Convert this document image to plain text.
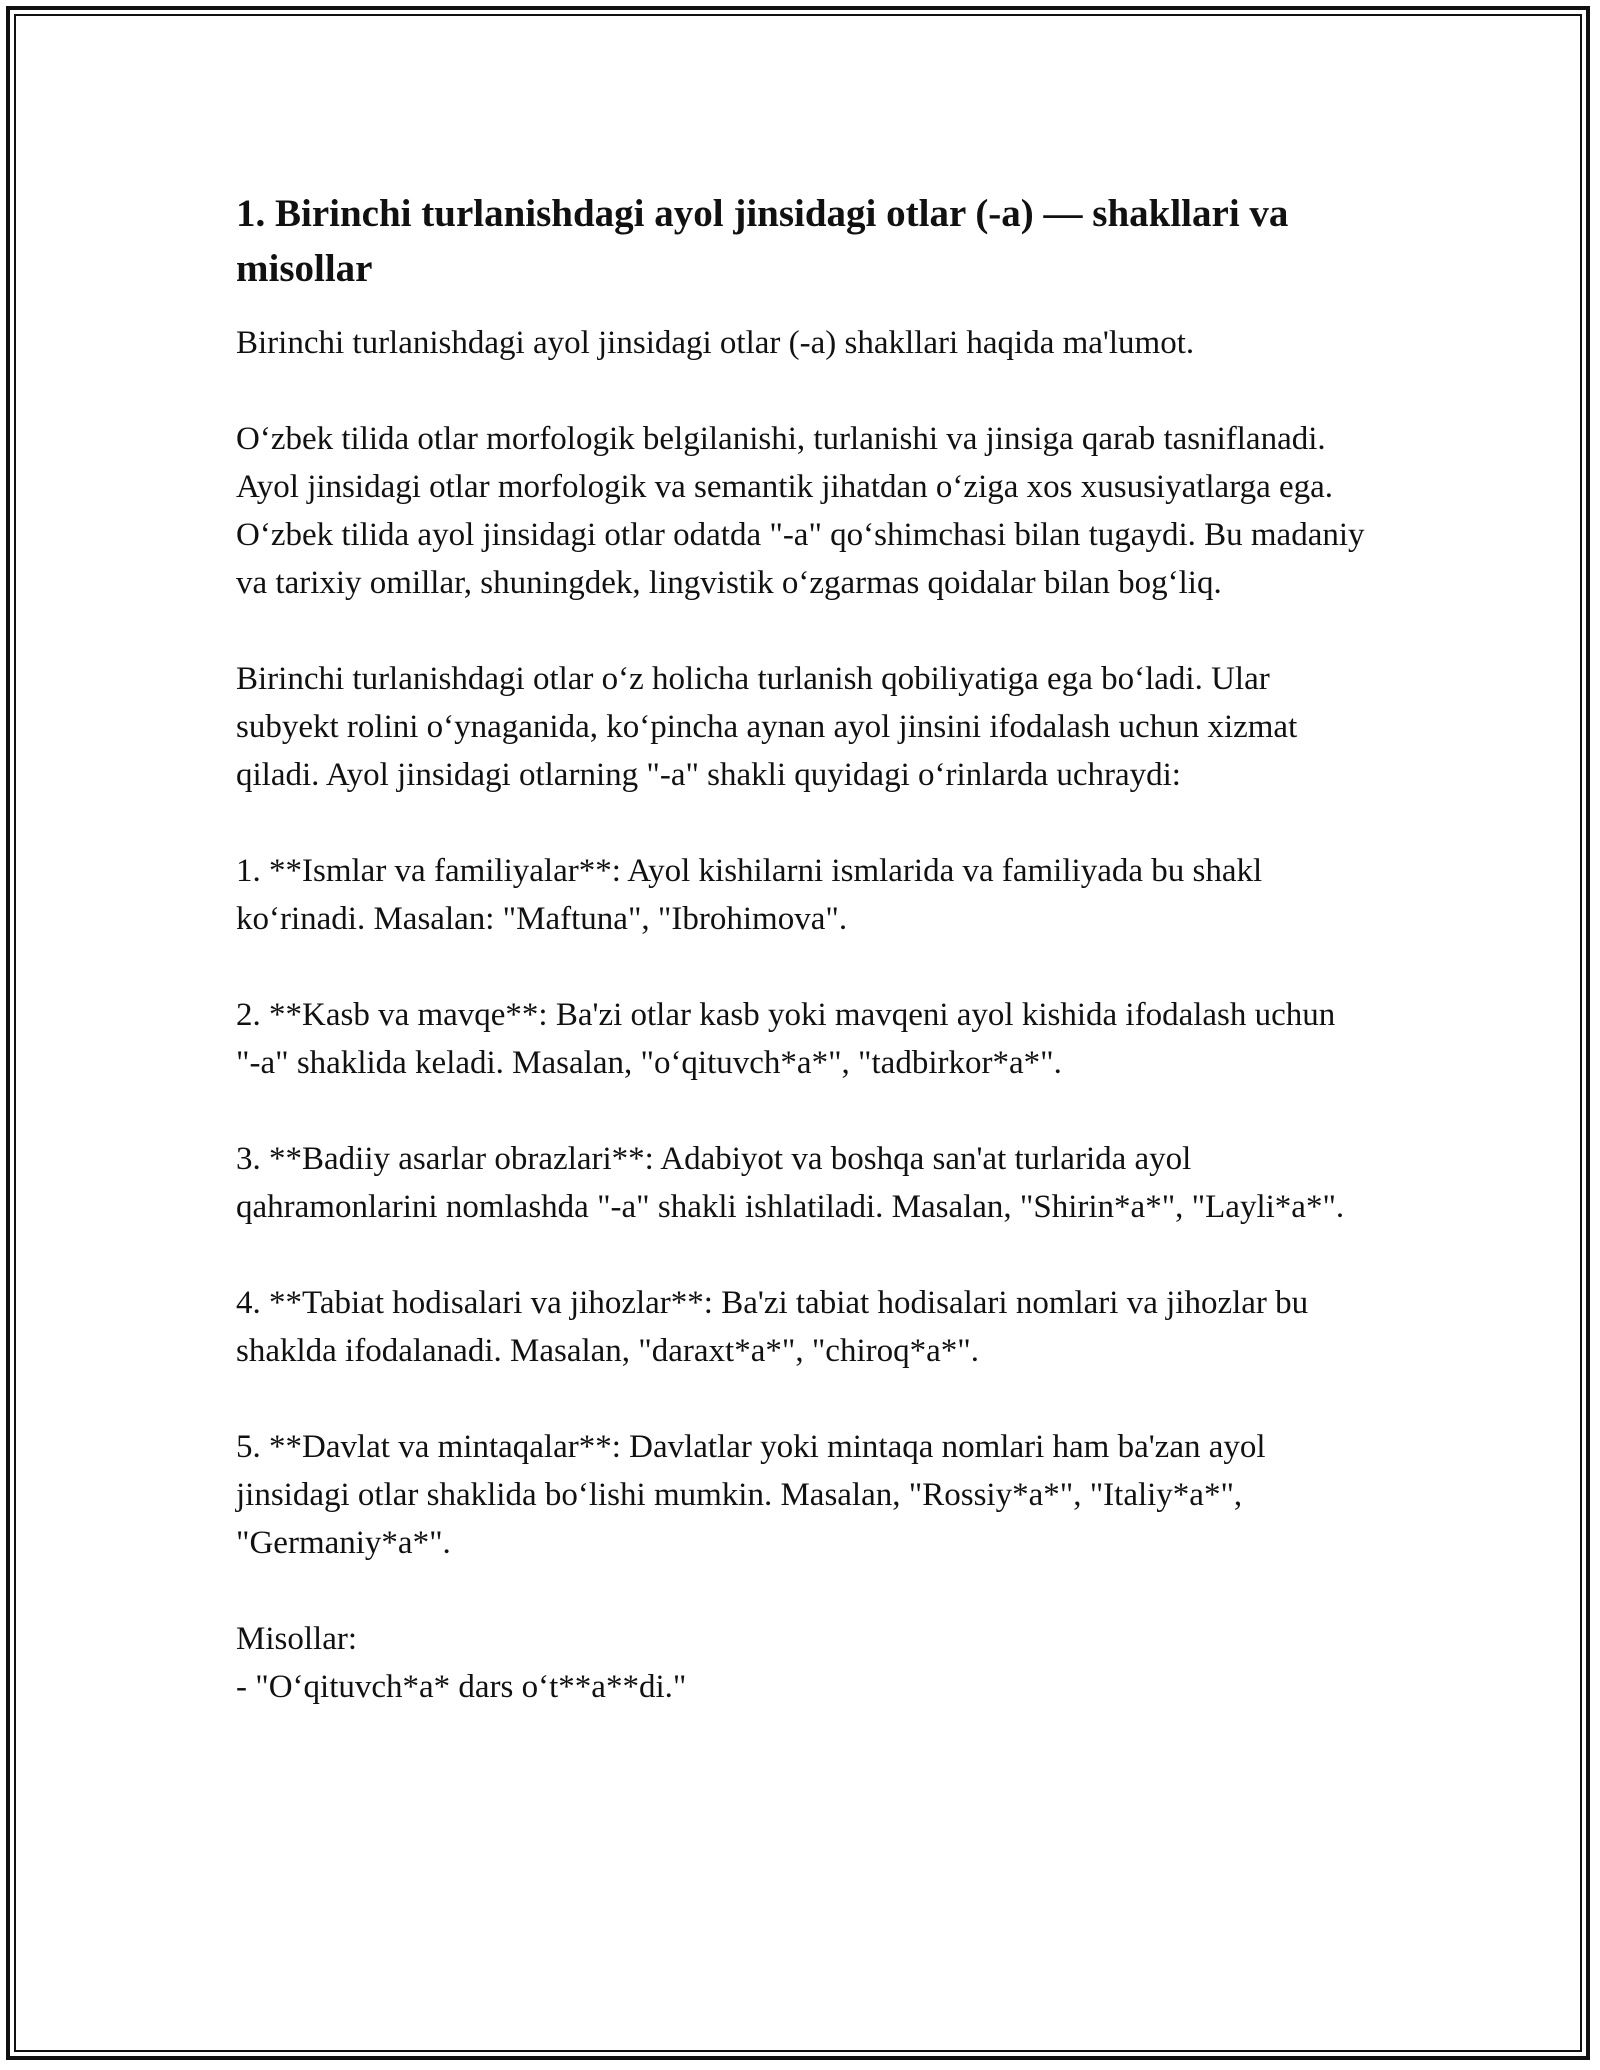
1. Birinchi turlanishdagi ayol jinsidagi otlar (-a) — shakllari va misollar

Birinchi turlanishdagi ayol jinsidagi otlar (-a) shakllari haqida ma'lumot.

O‘zbek tilida otlar morfologik belgilanishi, turlanishi va jinsiga qarab tasniflanadi. Ayol jinsidagi otlar morfologik va semantik jihatdan o‘ziga xos xususiyatlarga ega. O‘zbek tilida ayol jinsidagi otlar odatda "-a" qo‘shimchasi bilan tugaydi. Bu madaniy va tarixiy omillar, shuningdek, lingvistik o‘zgarmas qoidalar bilan bog‘liq.

Birinchi turlanishdagi otlar o‘z holicha turlanish qobiliyatiga ega bo‘ladi. Ular subyekt rolini o‘ynaganida, ko‘pincha aynan ayol jinsini ifodalash uchun xizmat qiladi. Ayol jinsidagi otlarning "-a" shakli quyidagi o‘rinlarda uchraydi:

1. **Ismlar va familiyalar**: Ayol kishilarni ismlarida va familiyada bu shakl ko‘rinadi. Masalan: "Maftuna", "Ibrohimova".

2. **Kasb va mavqe**: Ba'zi otlar kasb yoki mavqeni ayol kishida ifodalash uchun "-a" shaklida keladi. Masalan, "o‘qituvch*a*", "tadbirkor*a*".

3. **Badiiy asarlar obrazlari**: Adabiyot va boshqa san'at turlarida ayol qahramonlarini nomlashda "-a" shakli ishlatiladi. Masalan, "Shirin*a*", "Layli*a*".

4. **Tabiat hodisalari va jihozlar**: Ba'zi tabiat hodisalari nomlari va jihozlar bu shaklda ifodalanadi. Masalan, "daraxt*a*", "chiroq*a*".

5. **Davlat va mintaqalar**: Davlatlar yoki mintaqa nomlari ham ba'zan ayol jinsidagi otlar shaklida bo‘lishi mumkin. Masalan, "Rossiy*a*", "Italiy*a*", "Germaniy*a*".

Misollar:

- "O‘qituvch*a* dars o‘t**a**di."
